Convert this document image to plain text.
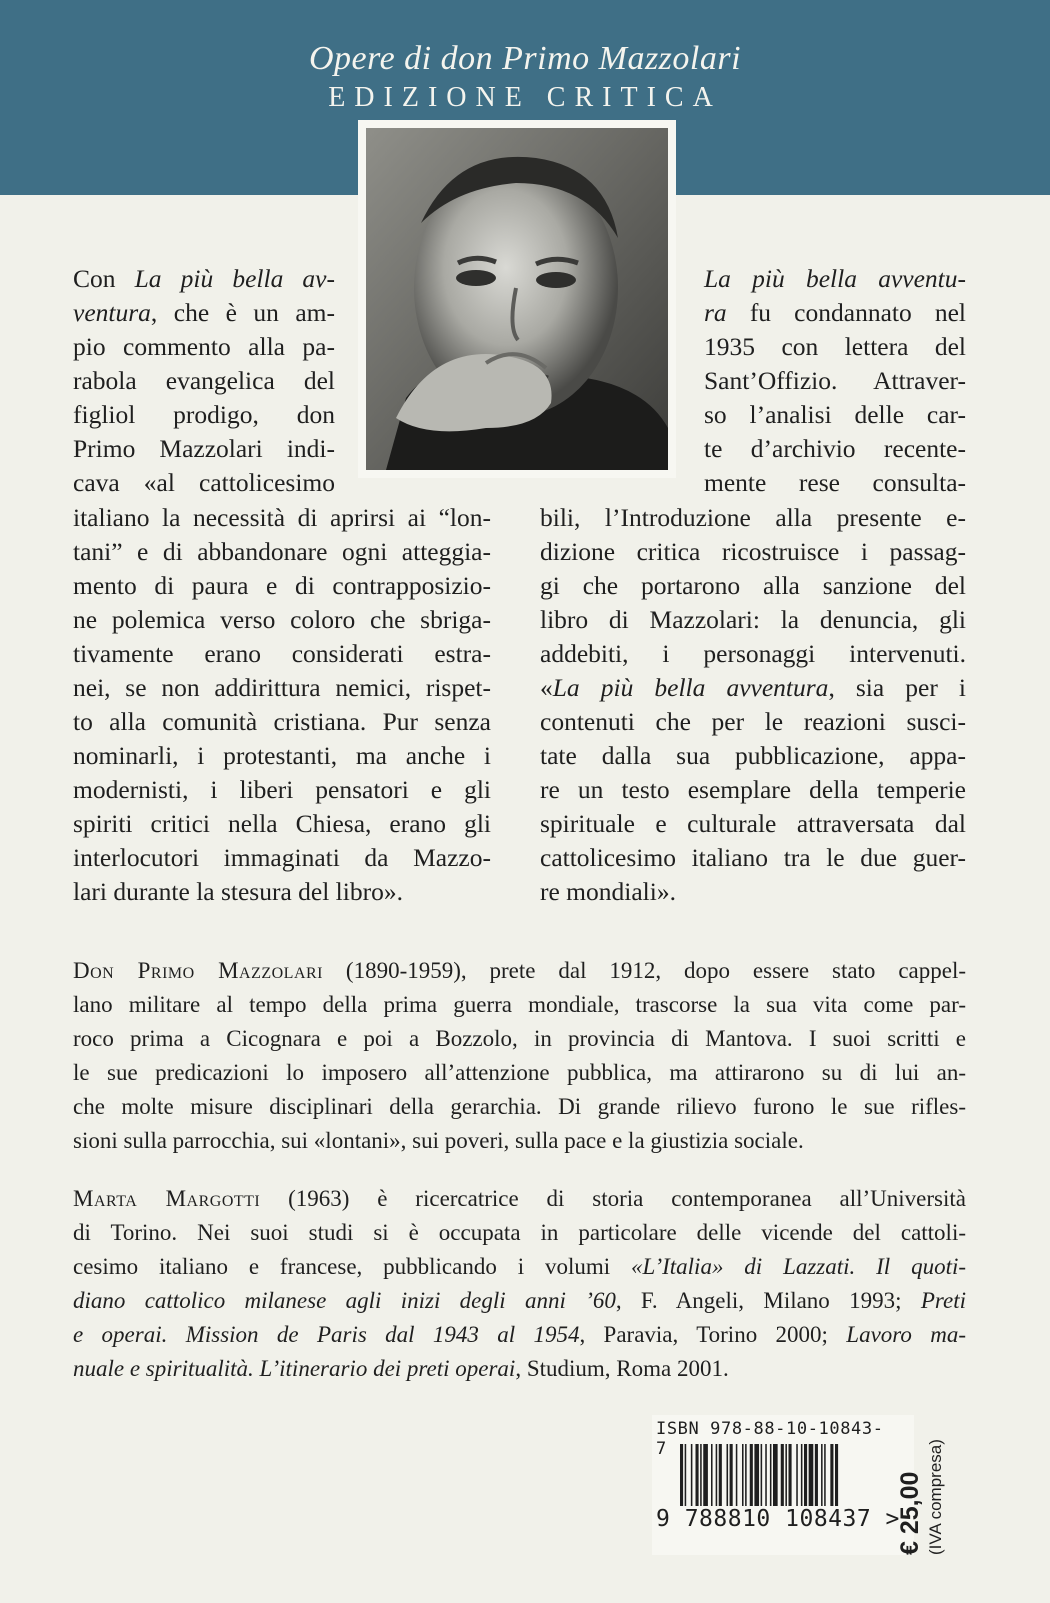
Opere di don Primo Mazzolari
EDIZIONE CRITICA
Con La più bella av-
ventura, che è un am-
pio commento alla pa-
rabola evangelica del
figliol prodigo, don
Primo Mazzolari indi-
cava «al cattolicesimo
italiano la necessità di aprirsi ai “lon-
tani” e di abbandonare ogni atteggia-
mento di paura e di contrapposizio-
ne polemica verso coloro che sbriga-
tivamente erano considerati estra-
nei, se non addirittura nemici, rispet-
to alla comunità cristiana. Pur senza
nominarli, i protestanti, ma anche i
modernisti, i liberi pensatori e gli
spiriti critici nella Chiesa, erano gli
interlocutori immaginati da Mazzo-
lari durante la stesura del libro».
La più bella avventu-
ra fu condannato nel
1935 con lettera del
Sant’Offizio. Attraver-
so l’analisi delle car-
te d’archivio recente-
mente rese consulta-
bili, l’Introduzione alla presente e-
dizione critica ricostruisce i passag-
gi che portarono alla sanzione del
libro di Mazzolari: la denuncia, gli
addebiti, i personaggi intervenuti.
«La più bella avventura, sia per i
contenuti che per le reazioni susci-
tate dalla sua pubblicazione, appa-
re un testo esemplare della temperie
spirituale e culturale attraversata dal
cattolicesimo italiano tra le due guer-
re mondiali».
Don Primo Mazzolari (1890-1959), prete dal 1912, dopo essere stato cappel-
lano militare al tempo della prima guerra mondiale, trascorse la sua vita come par-
roco prima a Cicognara e poi a Bozzolo, in provincia di Mantova. I suoi scritti e
le sue predicazioni lo imposero all’attenzione pubblica, ma attirarono su di lui an-
che molte misure disciplinari della gerarchia. Di grande rilievo furono le sue rifles-
sioni sulla parrocchia, sui «lontani», sui poveri, sulla pace e la giustizia sociale.
Marta Margotti (1963) è ricercatrice di storia contemporanea all’Università
di Torino. Nei suoi studi si è occupata in particolare delle vicende del cattoli-
cesimo italiano e francese, pubblicando i volumi «L’Italia» di Lazzati. Il quoti-
diano cattolico milanese agli inizi degli anni ’60, F. Angeli, Milano 1993; Preti
e operai. Mission de Paris dal 1943 al 1954, Paravia, Torino 2000; Lavoro ma-
nuale e spiritualità. L’itinerario dei preti operai, Studium, Roma 2001.
ISBN 978-88-10-10843-7
9 788810 108437 >
€ 25,00 (IVA compresa)
